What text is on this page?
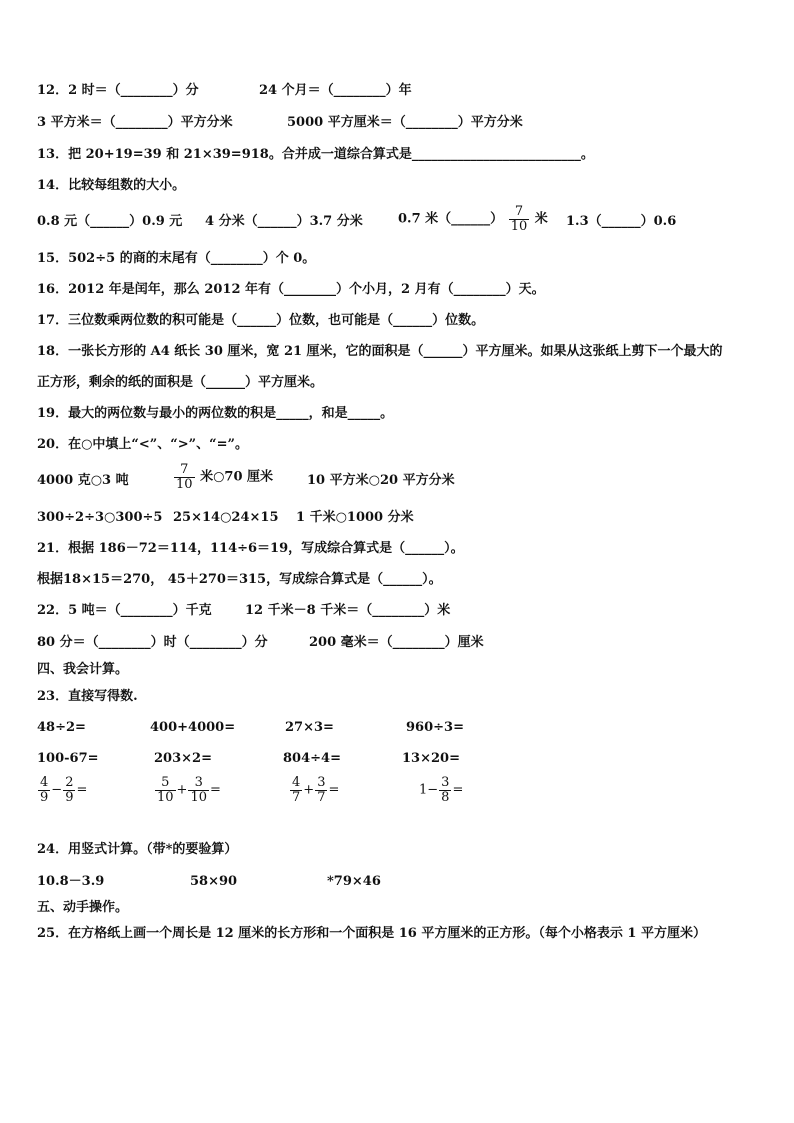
12．2 时＝（________）分	24 个月＝（________）年
3 平方米＝（________）平方分米	5000 平方厘米＝（________）平方分米
13．把 20+19=39 和 21×39=918。合并成一道综合算式是__________________________。
14．比较每组数的大小。
0.8 元（______）0.9 元 4 分米（______）3.7 分米	0.7 米（______） $\frac{7}{10}$ 米 1.3（______）0.6
15．502÷5 的商的末尾有（________）个 0。
16．2012 年是闰年，那么 2012 年有（________）个小月，2 月有（________）天。
17．三位数乘两位数的积可能是（______）位数，也可能是（______）位数。
18．一张长方形的 A4 纸长 30 厘米，宽 21 厘米，它的面积是（______）平方厘米。如果从这张纸上剪下一个最大的
正方形，剩余的纸的面积是（______）平方厘米。
19．最大的两位数与最小的两位数的积是_____，和是_____。
20．在○中填上“<”、“>”、“=”。
4000 克○3 吨	$\frac{7}{10}$ 米○70 厘米	10 平方米○20 平方分米
300÷2÷3○300÷5 25×14○24×15 1 千米○1000 分米
21．根据 186－72＝114，114÷6＝19，写成综合算式是（______）。
根据18×15＝270， 45＋270＝315，写成综合算式是（______）。
22．5 吨＝（________）千克	12 千米－8 千米＝（________）米
80 分＝（________）时（________）分	200 毫米＝（________）厘米
四、我会计算。
23．直接写得数.
48÷2=	400+4000=	27×3=	960÷3=
100-67=	203×2=	804÷4=	13×20=
$\frac{4}{9} - \frac{2}{9}$ =	$\frac{5}{10} + \frac{3}{10}$ =	$\frac{4}{7} + \frac{3}{7}$ =	$1- \frac{3}{8}$ =
24．用竖式计算。（带*的要验算）
10.8－3.9	58×90	*79×46
五、动手操作。
25．在方格纸上画一个周长是 12 厘米的长方形和一个面积是 16 平方厘米的正方形。（每个小格表示 1 平方厘米）
